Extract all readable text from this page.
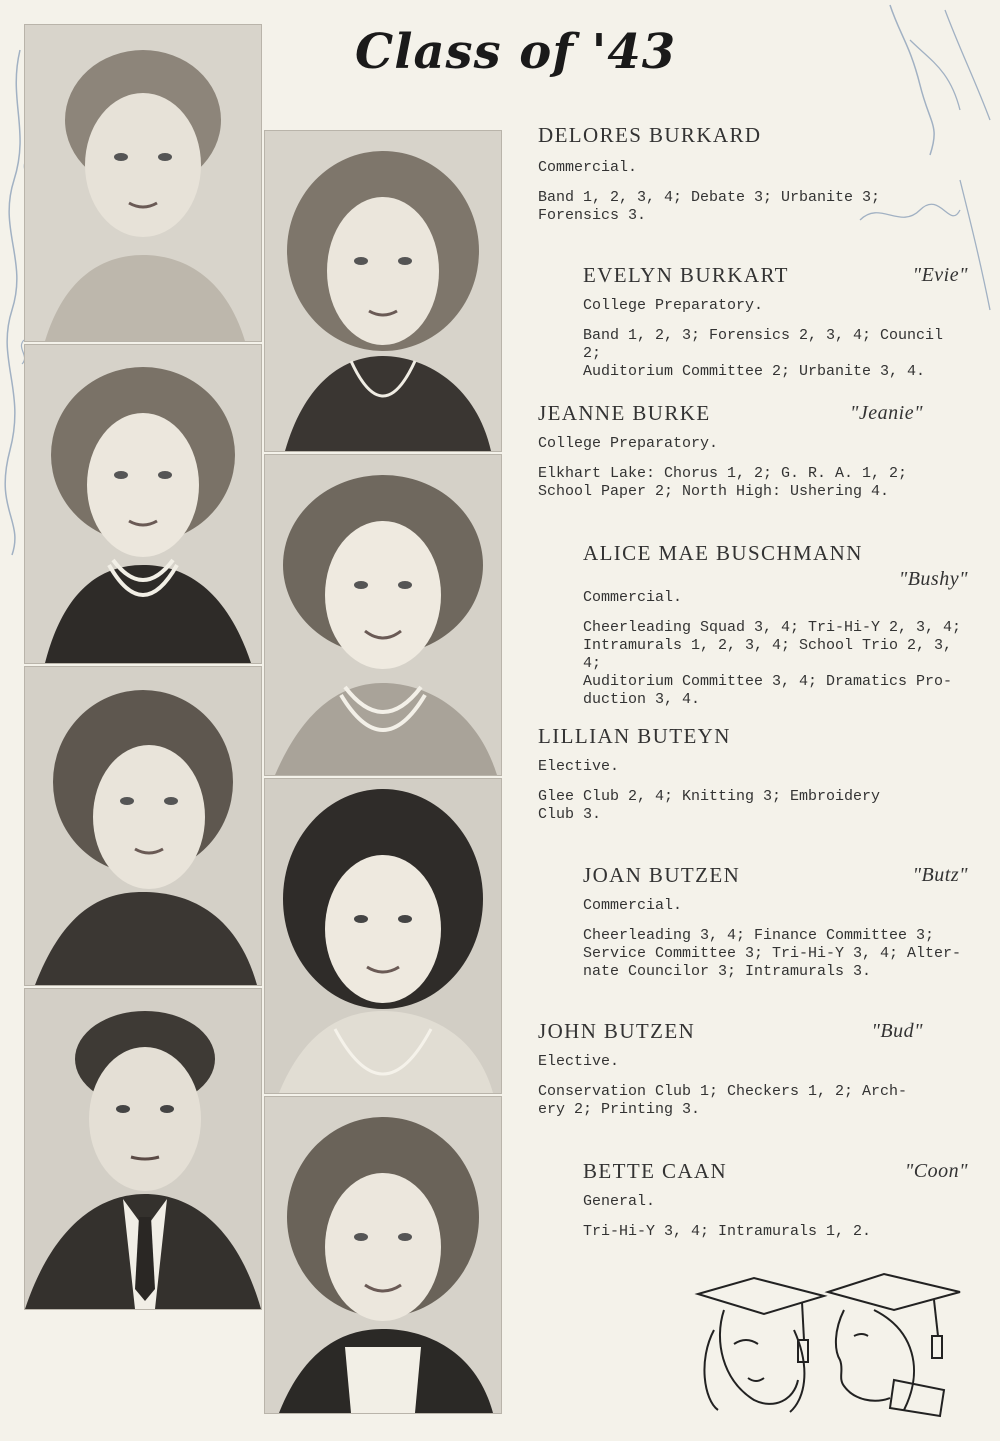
Class of '43
DELORES BURKARD
Commercial.
Band 1, 2, 3, 4; Debate 3; Urbanite 3;
Forensics 3.
EVELYN BURKART	"Evie"
College Preparatory.
Band 1, 2, 3; Forensics 2, 3, 4; Council 2;
Auditorium Committee 2; Urbanite 3, 4.
JEANNE BURKE	"Jeanie"
College Preparatory.
Elkhart Lake: Chorus 1, 2; G. R. A. 1, 2;
School Paper 2; North High: Ushering 4.
ALICE MAE BUSCHMANN
"Bushy"
Commercial.
Cheerleading Squad 3, 4; Tri-Hi-Y 2, 3, 4;
Intramurals 1, 2, 3, 4; School Trio 2, 3, 4;
Auditorium Committee 3, 4; Dramatics Pro-
duction 3, 4.
LILLIAN BUTEYN
Elective.
Glee Club 2, 4; Knitting 3; Embroidery
Club 3.
JOAN BUTZEN	"Butz"
Commercial.
Cheerleading 3, 4; Finance Committee 3;
Service Committee 3; Tri-Hi-Y 3, 4; Alter-
nate Councilor 3; Intramurals 3.
JOHN BUTZEN	"Bud"
Elective.
Conservation Club 1; Checkers 1, 2; Arch-
ery 2; Printing 3.
BETTE CAAN	"Coon"
General.
Tri-Hi-Y 3, 4; Intramurals 1, 2.
